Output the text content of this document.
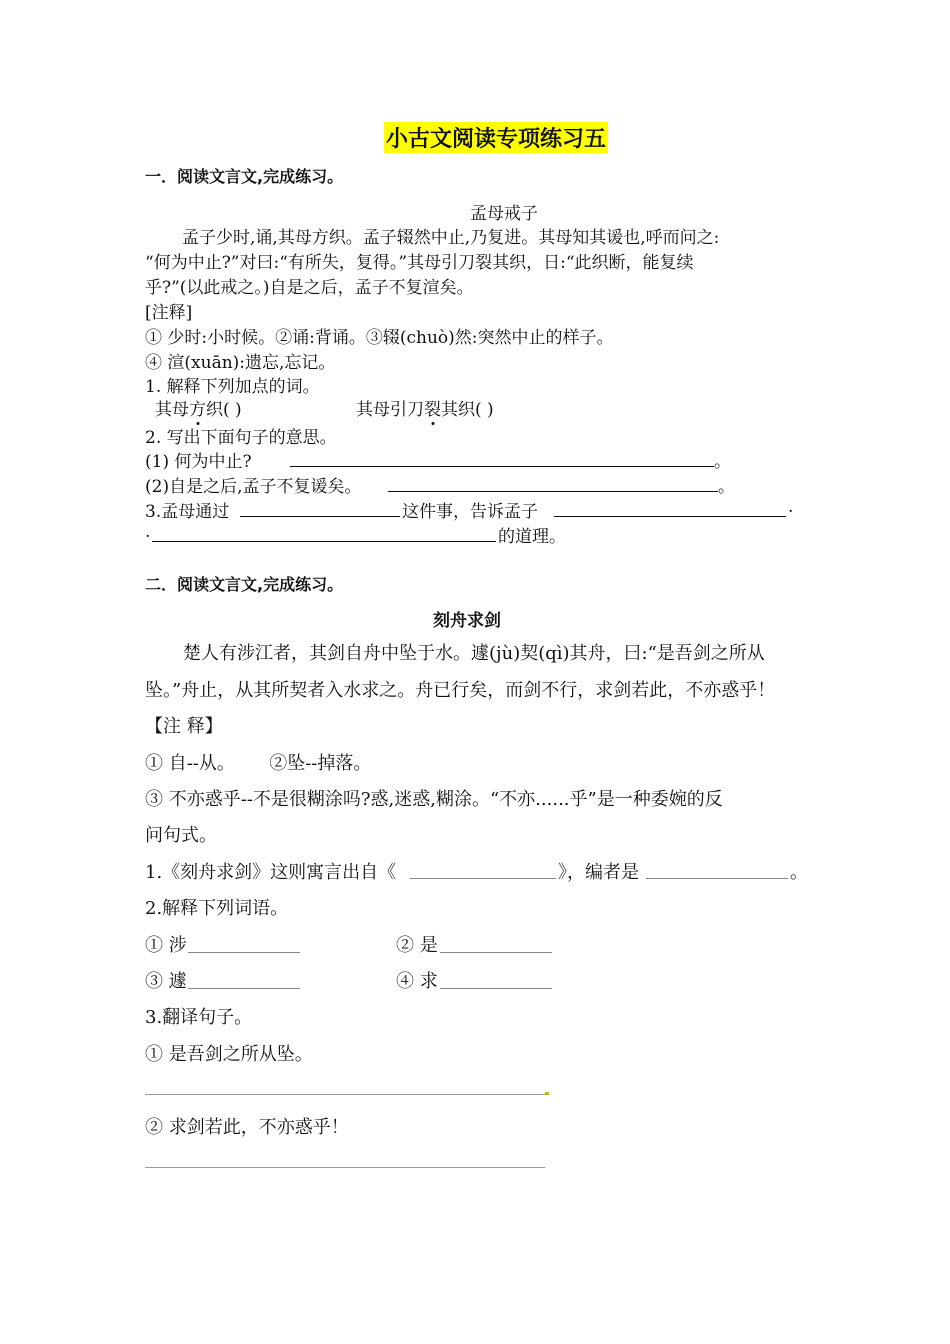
小古文阅读专项练习五
一．阅读文言文,完成练习。
孟母戒子
孟子少时,诵,其母方织。孟子辍然中止,乃复进。其母知其谖也,呼而问之:
“何为中止?”对曰:“有所失，复得。”其母引刀裂其织，日:“此织断，能复续
乎?”(以此戒之。)自是之后，孟子不复渲矣。
[注释]
① 少时:小时候。②诵:背诵。③辍(chuò)然:突然中止的样子。
④ 渲(xuān):遗忘,忘记。
1. 解释下列加点的词。
其母方织( )	其母引刀裂其织( )
2. 写出下面句子的意思。
(1) 何为中止?	。
(2)自是之后,孟子不复谖矣。	。
3.孟母通过	这件事，告诉孟子	.
.	的道理。
二．阅读文言文,完成练习。
刻舟求剑
楚人有涉江者，其剑自舟中坠于水。遽(jù)契(qì)其舟，曰:“是吾剑之所从
坠。”舟止，从其所契者入水求之。舟已行矣，而剑不行，求剑若此，不亦惑乎！
【注 释】
① 自--从。      ②坠--掉落。
③ 不亦惑乎--不是很糊涂吗?惑,迷惑,糊涂。“不亦......乎”是一种委婉的反
问句式。
1.《刻舟求剑》这则寓言出自《	》，编者是	。
2.解释下列词语。
① 涉	② 是
③ 遽	④ 求
3.翻译句子。
① 是吾剑之所从坠。
② 求剑若此，不亦惑乎！
